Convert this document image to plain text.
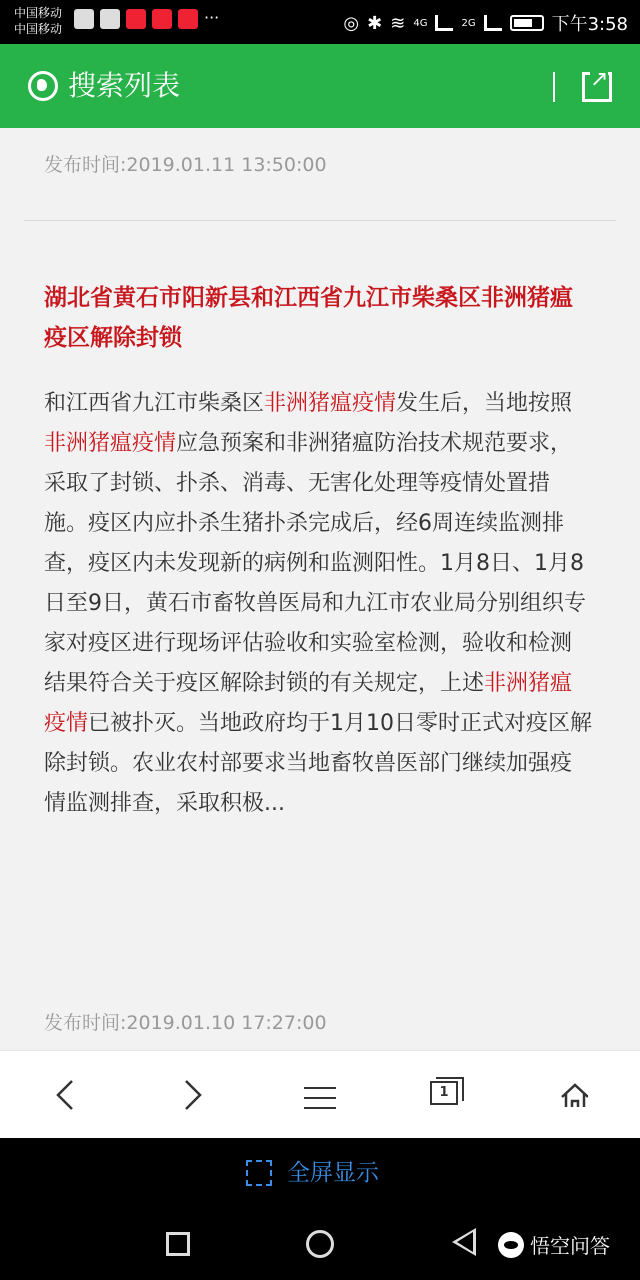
中国移动
中国移动
···	◎ ✱ ≋ 4G	2G	下午3:58
搜索列表
↗
发布时间:2019.01.11 13:50:00
湖北省黄石市阳新县和江西省九江市柴桑区非洲猪瘟疫区解除封锁
和江西省九江市柴桑区非洲猪瘟疫情发生后，当地按照非洲猪瘟疫情应急预案和非洲猪瘟防治技术规范要求，采取了封锁、扑杀、消毒、无害化处理等疫情处置措施。疫区内应扑杀生猪扑杀完成后，经6周连续监测排查，疫区内未发现新的病例和监测阳性。1月8日、1月8日至9日，黄石市畜牧兽医局和九江市农业局分别组织专家对疫区进行现场评估验收和实验室检测，验收和检测结果符合关于疫区解除封锁的有关规定，上述非洲猪瘟疫情已被扑灭。当地政府均于1月10日零时正式对疫区解除封锁。农业农村部要求当地畜牧兽医部门继续加强疫情监测排查，采取积极...
发布时间:2019.01.10 17:27:00
1
全屏显示
悟空问答
